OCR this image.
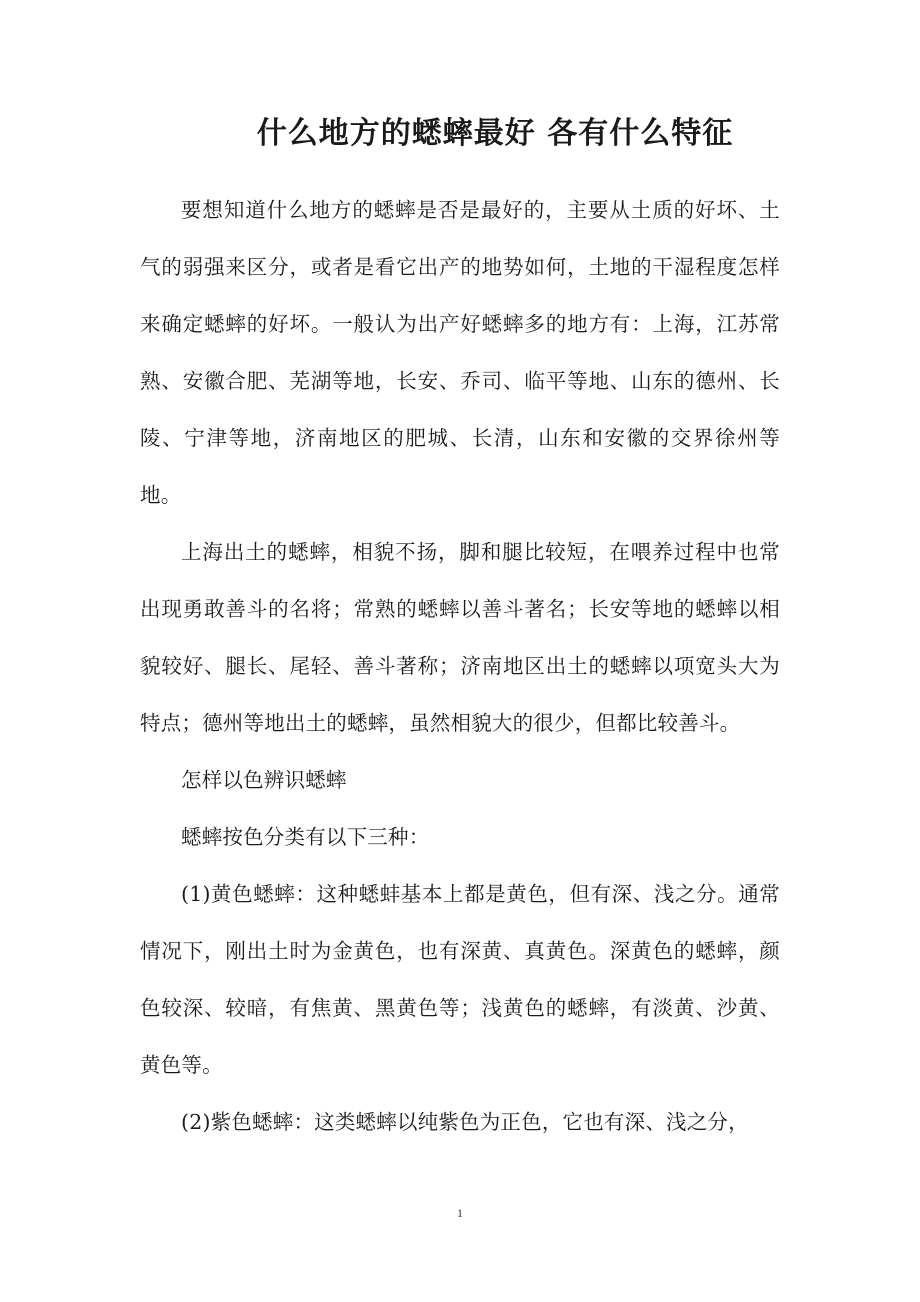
什么地方的蟋蟀最好 各有什么特征

要想知道什么地方的蟋蟀是否是最好的，主要从土质的好坏、土气的弱强来区分，或者是看它出产的地势如何，土地的干湿程度怎样来确定蟋蟀的好坏。一般认为出产好蟋蟀多的地方有：上海，江苏常熟、安徽合肥、芜湖等地，长安、乔司、临平等地、山东的德州、长陵、宁津等地，济南地区的肥城、长清，山东和安徽的交界徐州等地。

上海出土的蟋蟀，相貌不扬，脚和腿比较短，在喂养过程中也常出现勇敢善斗的名将；常熟的蟋蟀以善斗著名；长安等地的蟋蟀以相貌较好、腿长、尾轻、善斗著称；济南地区出土的蟋蟀以项宽头大为特点；德州等地出土的蟋蟀，虽然相貌大的很少，但都比较善斗。

怎样以色辨识蟋蟀

蟋蟀按色分类有以下三种：

(1)黄色蟋蟀：这种蟋蚌基本上都是黄色，但有深、浅之分。通常情况下，刚出土时为金黄色，也有深黄、真黄色。深黄色的蟋蟀，颜色较深、较暗，有焦黄、黑黄色等；浅黄色的蟋蟀，有淡黄、沙黄、黄色等。

(2)紫色蟋蟀：这类蟋蟀以纯紫色为正色，它也有深、浅之分，

1
